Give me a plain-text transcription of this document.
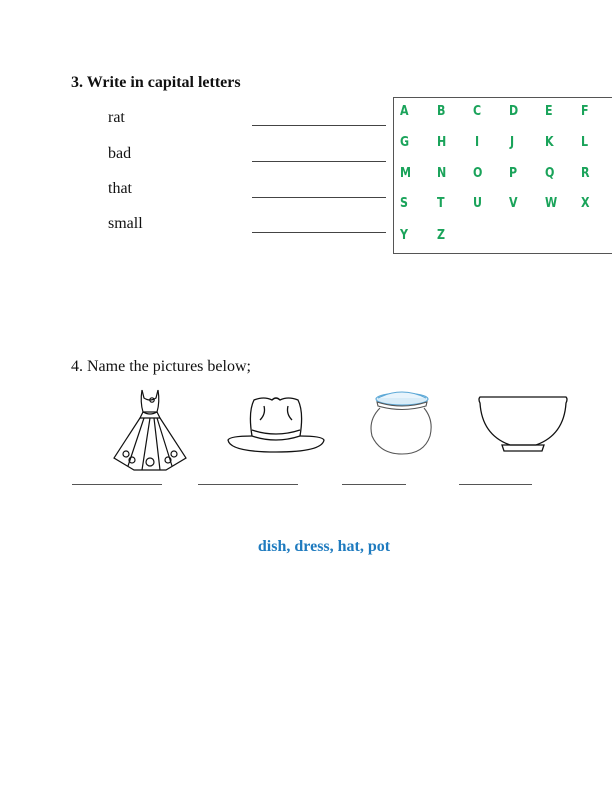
3. Write in capital letters
rat
bad
that
small
A B C D E F
G H I J K L
M N O P Q R
S T U V W X
Y Z
4. Name the pictures below;
dish, dress, hat, pot
